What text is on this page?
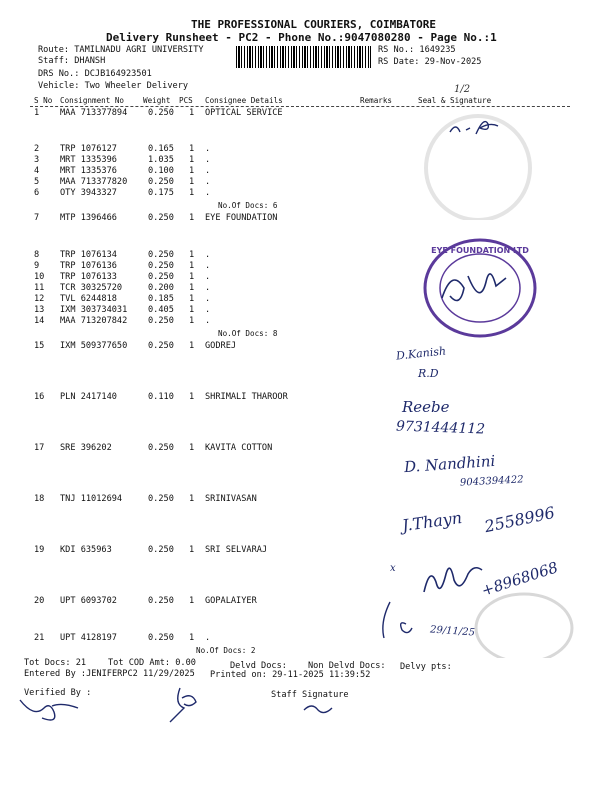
THE PROFESSIONAL COURIERS, COIMBATORE
Delivery Runsheet - PC2 - Phone No.:9047080280 - Page No.:1
Route: TAMILNADU AGRI UNIVERSITY
Staff: DHANSH
DRS No.: DCJB164923501
Vehicle: Two Wheeler Delivery
RS No.: 1649235
RS Date: 29-Nov-2025
1/2
S No Consignment No Weight PCS Consignee Details	Remarks	Seal & Signature
1 MAA 713377894 0.250 1 OPTICAL SERVICE
2 TRP 1076127	0.165 1 .
3 MRT 1335396	1.035 1 .
4 MRT 1335376	0.100 1 .
5 MAA 713377820 0.250 1 .
6 OTY 3943327	0.175 1 .
No.Of Docs: 6
7 MTP 1396466	0.250 1 EYE FOUNDATION
8 TRP 1076134	0.250 1 .
9 TRP 1076136	0.250 1 .
10 TRP 1076133	0.250 1 .
11 TCR 30325720	0.200 1 .
12 TVL 6244818	0.185 1 .
13 IXM 303734031 0.405 1 .
14 MAA 713207842 0.250 1 .
No.Of Docs: 8
15 IXM 509377650 0.250 1 GODREJ
16 PLN 2417140	0.110 1 SHRIMALI THAROOR
17 SRE 396202	0.250 1 KAVITA COTTON
18 TNJ 11012694	0.250 1 SRINIVASAN
19 KDI 635963	0.250 1 SRI SELVARAJ
20 UPT 6093702	0.250 1 GOPALAIYER
21 UPT 4128197	0.250 1 .
No.Of Docs: 2
Tot Docs: 21	Tot COD Amt: 0.00	Delvd Docs: Non Delvd Docs: Delvy pts:
Entered By :JENIFERPC2 11/29/2025 Printed on: 29-11-2025 11:39:52
Verified By :	Staff Signature
D.Kanish
R.D
Reebe
9731444112
D. Nandhini
9043394422
J.Thayn 2558996
+8968068
x
29/11/25
EYE FOUNDATION LTD
